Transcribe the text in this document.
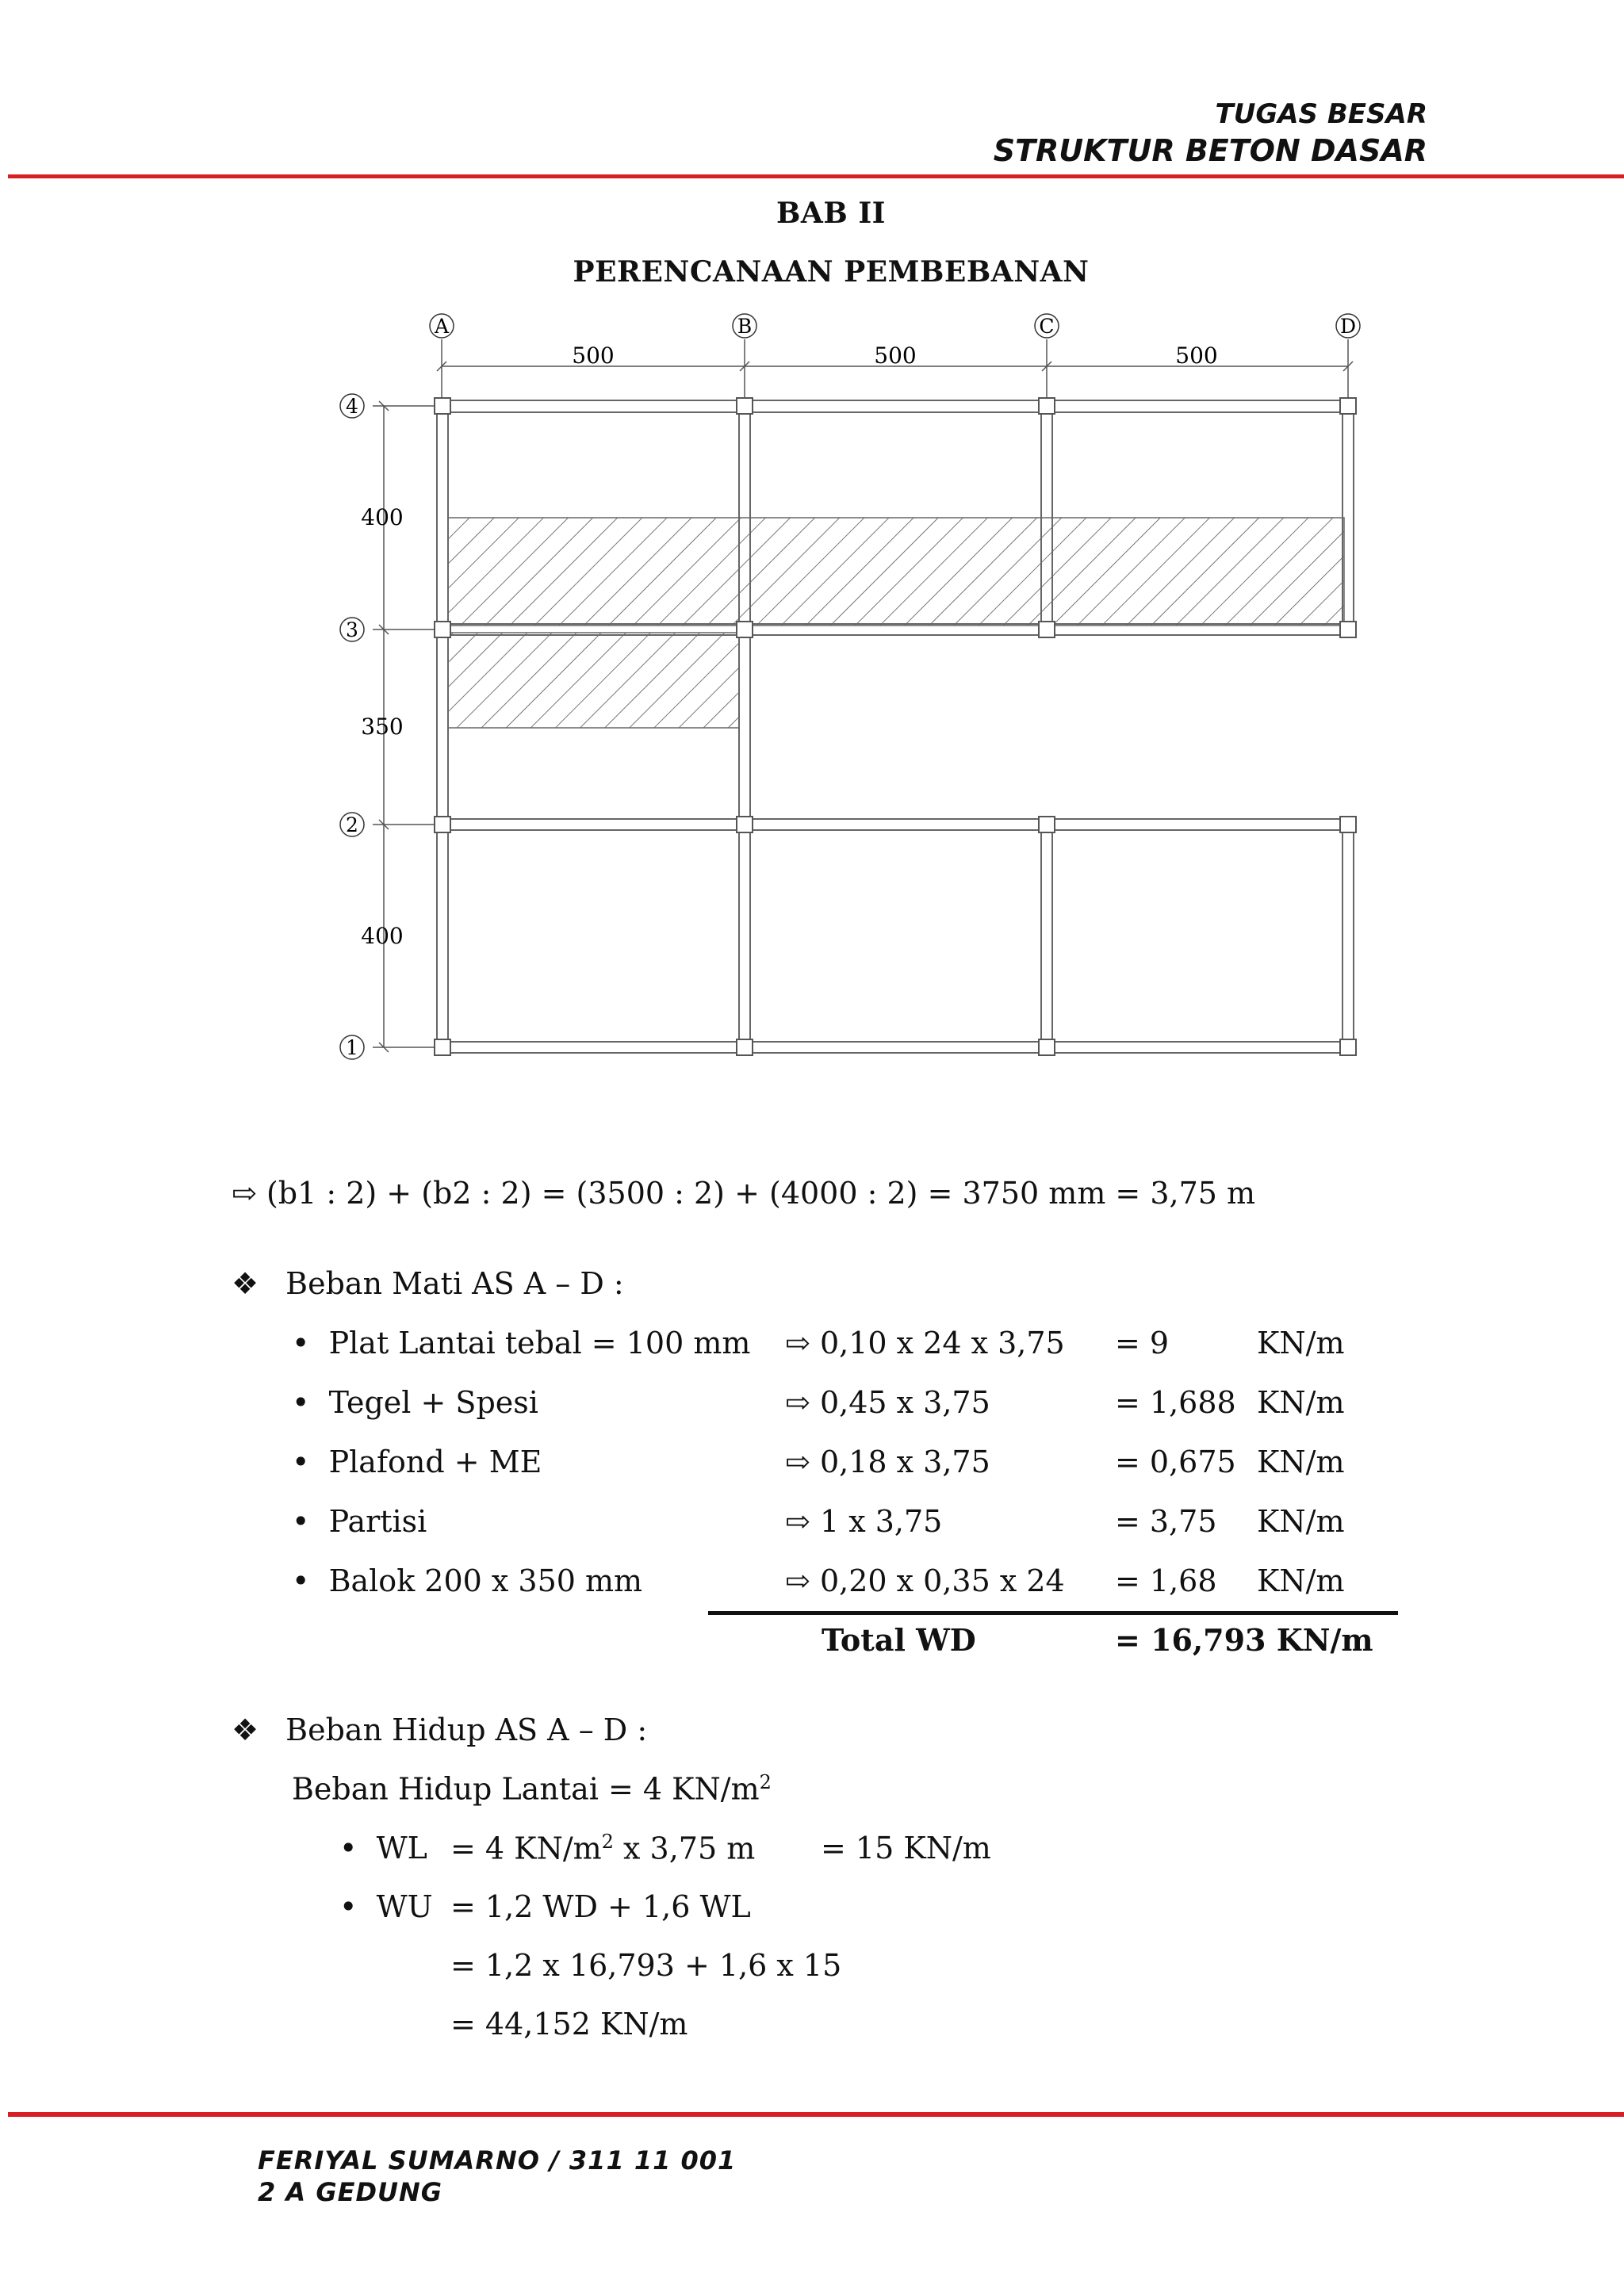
TUGAS BESAR
STRUKTUR BETON DASAR
BAB II
PERENCANAAN PEMBEBANAN
A	B	C	D
4
3
2
1
500	500	500
400
350
400
⇨ (b1 : 2) + (b2 : 2) = (3500 : 2) + (4000 : 2) = 3750 mm = 3,75 m
❖ Beban Mati AS A – D :
•  Plat Lantai tebal = 100 mm ⇨ 0,10 x 24 x 3,75 = 9	KN/m
•  Tegel + Spesi	⇨ 0,45 x 3,75	= 1,688 KN/m
•  Plafond + ME	⇨ 0,18 x 3,75	= 0,675 KN/m
•  Partisi	⇨ 1 x 3,75	= 3,75 KN/m
•  Balok 200 x 350 mm	⇨ 0,20 x 0,35 x 24 = 1,68 KN/m
Total WD	= 16,793 KN/m
❖ Beban Hidup AS A – D :
Beban Hidup Lantai = 4 $KN/m^2$
•  WL = 4 $KN/m^2$ x 3,75 m = 15 KN/m
•  WU = 1,2 WD + 1,6 WL
= 1,2 x 16,793 + 1,6 x 15
= 44,152 KN/m
FERIYAL SUMARNO / 311 11 001
2 A GEDUNG
